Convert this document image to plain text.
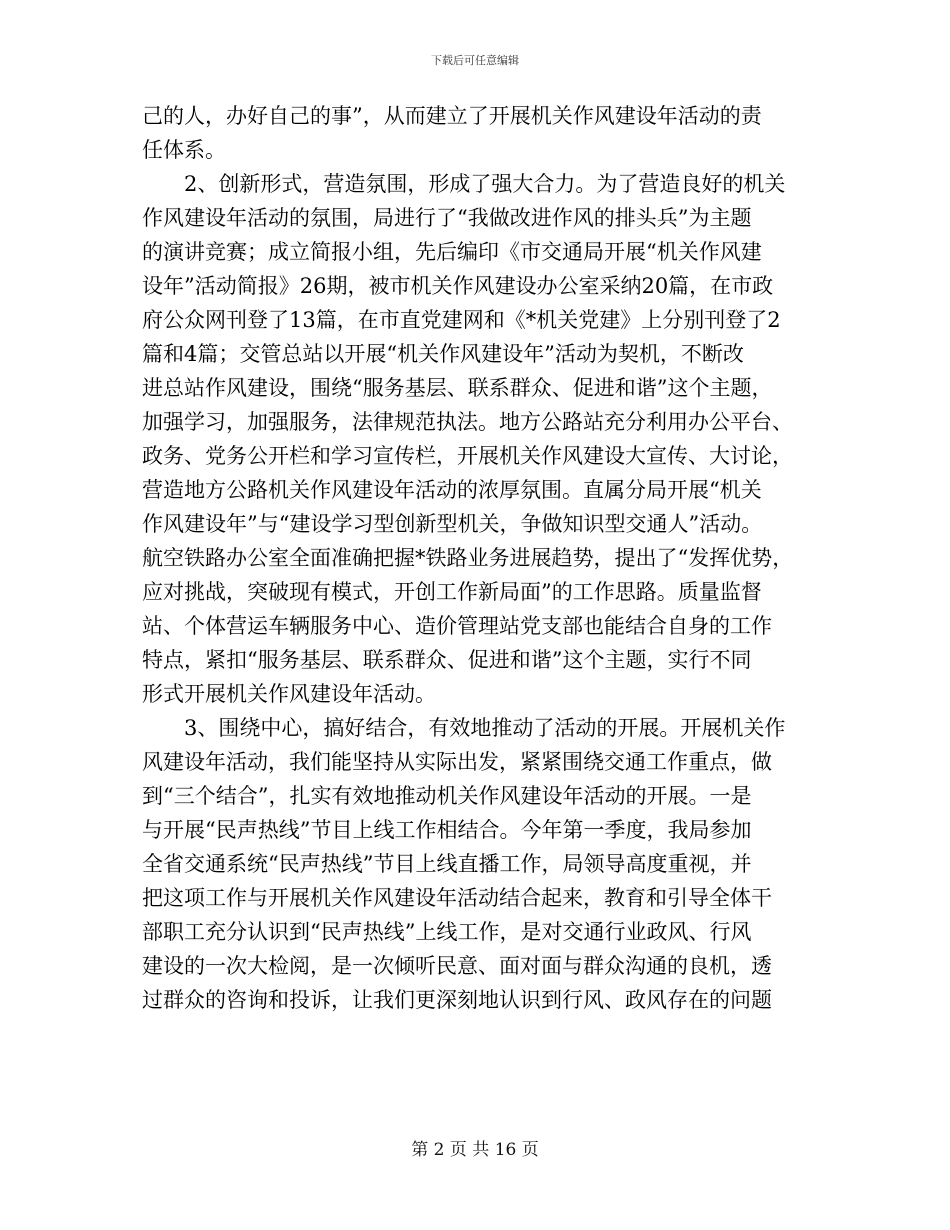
下载后可任意编辑
己的人，办好自己的事”，从而建立了开展机关作风建设年活动的责
任体系。
　　2、创新形式，营造氛围，形成了强大合力。为了营造良好的机关
作风建设年活动的氛围，局进行了“我做改进作风的排头兵”为主题
的演讲竞赛；成立简报小组，先后编印《市交通局开展“机关作风建
设年”活动简报》26期，被市机关作风建设办公室采纳20篇，在市政
府公众网刊登了13篇，在市直党建网和《*机关党建》上分别刊登了2
篇和4篇；交管总站以开展“机关作风建设年”活动为契机，不断改
进总站作风建设，围绕“服务基层、联系群众、促进和谐”这个主题，
加强学习，加强服务，法律规范执法。地方公路站充分利用办公平台、
政务、党务公开栏和学习宣传栏，开展机关作风建设大宣传、大讨论，
营造地方公路机关作风建设年活动的浓厚氛围。直属分局开展“机关
作风建设年”与“建设学习型创新型机关，争做知识型交通人”活动。
航空铁路办公室全面准确把握*铁路业务进展趋势，提出了“发挥优势，
应对挑战，突破现有模式，开创工作新局面”的工作思路。质量监督
站、个体营运车辆服务中心、造价管理站党支部也能结合自身的工作
特点，紧扣“服务基层、联系群众、促进和谐”这个主题，实行不同
形式开展机关作风建设年活动。
　　3、围绕中心，搞好结合，有效地推动了活动的开展。开展机关作
风建设年活动，我们能坚持从实际出发，紧紧围绕交通工作重点，做
到“三个结合”，扎实有效地推动机关作风建设年活动的开展。一是
与开展“民声热线”节目上线工作相结合。今年第一季度，我局参加
全省交通系统“民声热线”节目上线直播工作，局领导高度重视，并
把这项工作与开展机关作风建设年活动结合起来，教育和引导全体干
部职工充分认识到“民声热线”上线工作，是对交通行业政风、行风
建设的一次大检阅，是一次倾听民意、面对面与群众沟通的良机，透
过群众的咨询和投诉，让我们更深刻地认识到行风、政风存在的问题
第 2 页 共 16 页
